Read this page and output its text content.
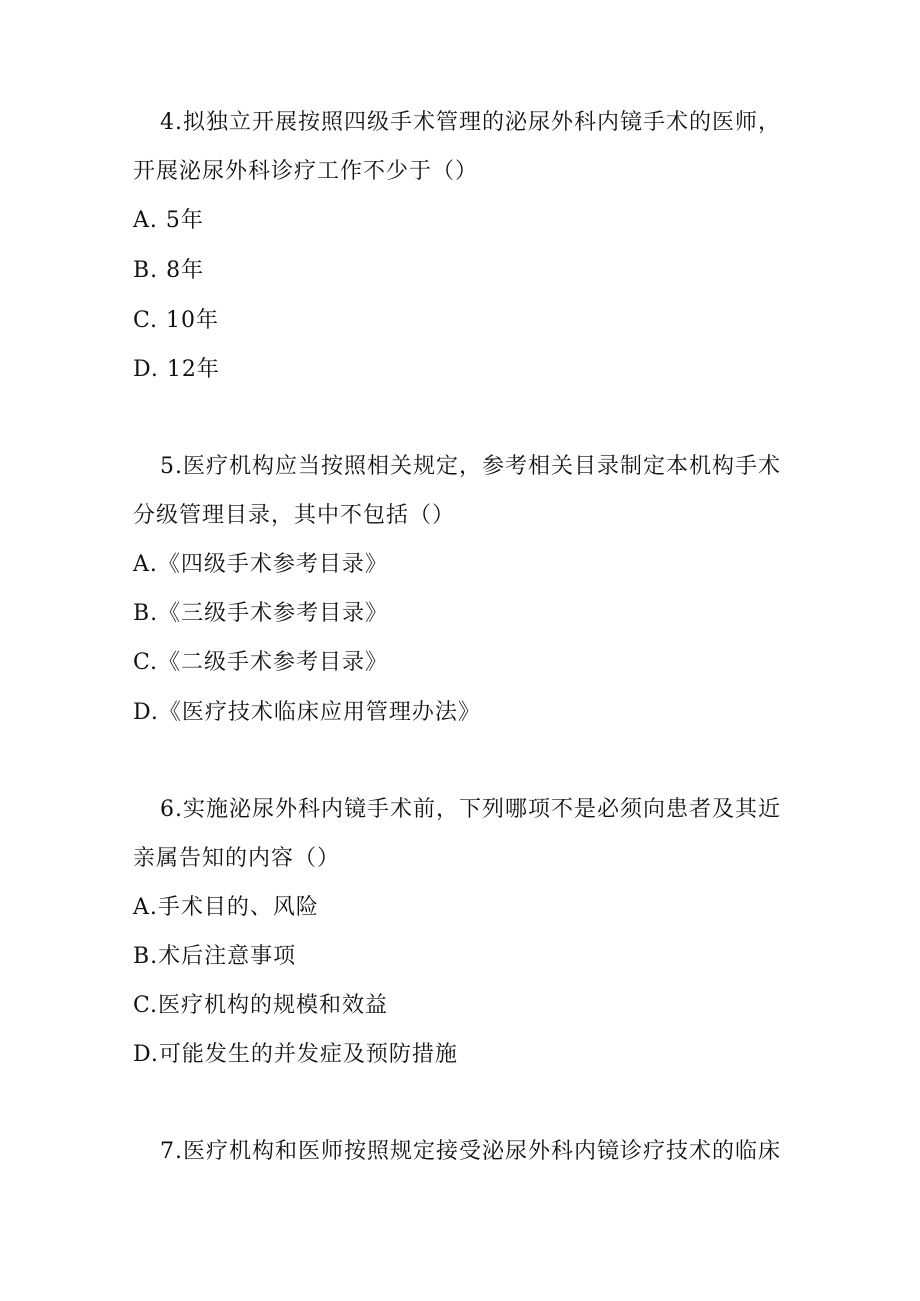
4.拟独立开展按照四级手术管理的泌尿外科内镜手术的医师，
开展泌尿外科诊疗工作不少于（）
A. 5年
B. 8年
C. 10年
D. 12年
5.医疗机构应当按照相关规定，参考相关目录制定本机构手术
分级管理目录，其中不包括（）
A.《四级手术参考目录》
B.《三级手术参考目录》
C.《二级手术参考目录》
D.《医疗技术临床应用管理办法》
6.实施泌尿外科内镜手术前，下列哪项不是必须向患者及其近
亲属告知的内容（）
A.手术目的、风险
B.术后注意事项
C.医疗机构的规模和效益
D.可能发生的并发症及预防措施
7.医疗机构和医师按照规定接受泌尿外科内镜诊疗技术的临床
